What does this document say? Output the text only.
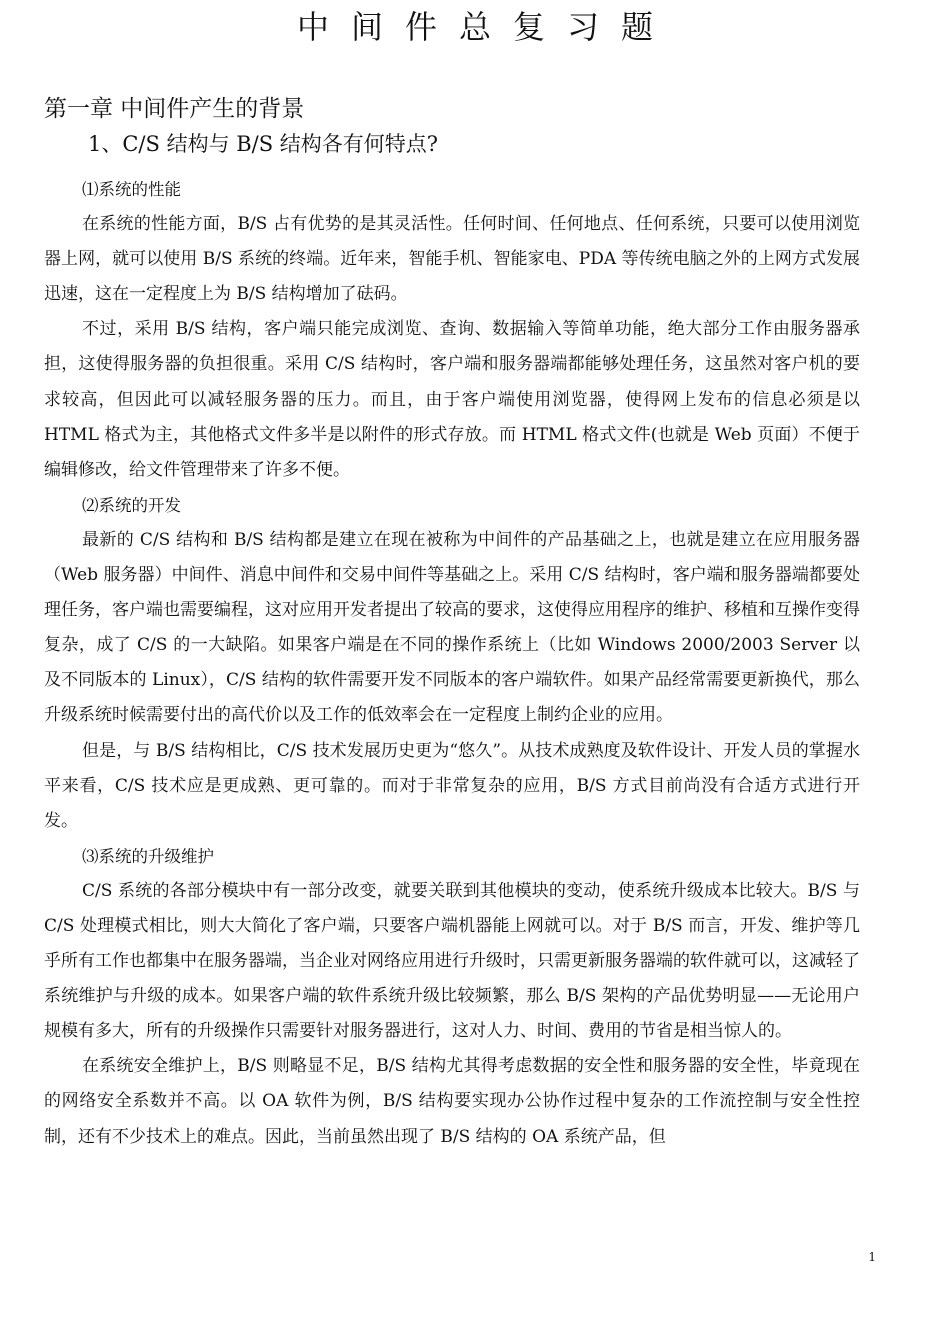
中间件总复习题
第一章 中间件产生的背景
1、C/S 结构与 B/S 结构各有何特点?

⑴系统的性能

在系统的性能方面，B/S 占有优势的是其灵活性。任何时间、任何地点、任何系统，只要可以使用浏览器上网，就可以使用 B/S 系统的终端。近年来，智能手机、智能家电、PDA 等传统电脑之外的上网方式发展迅速，这在一定程度上为 B/S 结构增加了砝码。

不过，采用 B/S 结构，客户端只能完成浏览、查询、数据输入等简单功能，绝大部分工作由服务器承担，这使得服务器的负担很重。采用 C/S 结构时，客户端和服务器端都能够处理任务，这虽然对客户机的要求较高，但因此可以减轻服务器的压力。而且，由于客户端使用浏览器，使得网上发布的信息必须是以 HTML 格式为主，其他格式文件多半是以附件的形式存放。而 HTML 格式文件(也就是 Web 页面）不便于编辑修改，给文件管理带来了许多不便。

⑵系统的开发

最新的 C/S 结构和 B/S 结构都是建立在现在被称为中间件的产品基础之上，也就是建立在应用服务器（Web 服务器）中间件、消息中间件和交易中间件等基础之上。采用 C/S 结构时，客户端和服务器端都要处理任务，客户端也需要编程，这对应用开发者提出了较高的要求，这使得应用程序的维护、移植和互操作变得复杂，成了 C/S 的一大缺陷。如果客户端是在不同的操作系统上（比如 Windows 2000/2003 Server 以及不同版本的 Linux），C/S 结构的软件需要开发不同版本的客户端软件。如果产品经常需要更新换代，那么升级系统时候需要付出的高代价以及工作的低效率会在一定程度上制约企业的应用。

但是，与 B/S 结构相比，C/S 技术发展历史更为“悠久”。从技术成熟度及软件设计、开发人员的掌握水平来看，C/S 技术应是更成熟、更可靠的。而对于非常复杂的应用，B/S 方式目前尚没有合适方式进行开发。

⑶系统的升级维护

C/S 系统的各部分模块中有一部分改变，就要关联到其他模块的变动，使系统升级成本比较大。B/S 与 C/S 处理模式相比，则大大简化了客户端，只要客户端机器能上网就可以。对于 B/S 而言，开发、维护等几乎所有工作也都集中在服务器端，当企业对网络应用进行升级时，只需更新服务器端的软件就可以，这减轻了系统维护与升级的成本。如果客户端的软件系统升级比较频繁，那么 B/S 架构的产品优势明显——无论用户规模有多大，所有的升级操作只需要针对服务器进行，这对人力、时间、费用的节省是相当惊人的。

在系统安全维护上，B/S 则略显不足，B/S 结构尤其得考虑数据的安全性和服务器的安全性，毕竟现在的网络安全系数并不高。以 OA 软件为例，B/S 结构要实现办公协作过程中复杂的工作流控制与安全性控制，还有不少技术上的难点。因此，当前虽然出现了 B/S 结构的 OA 系统产品，但

1
